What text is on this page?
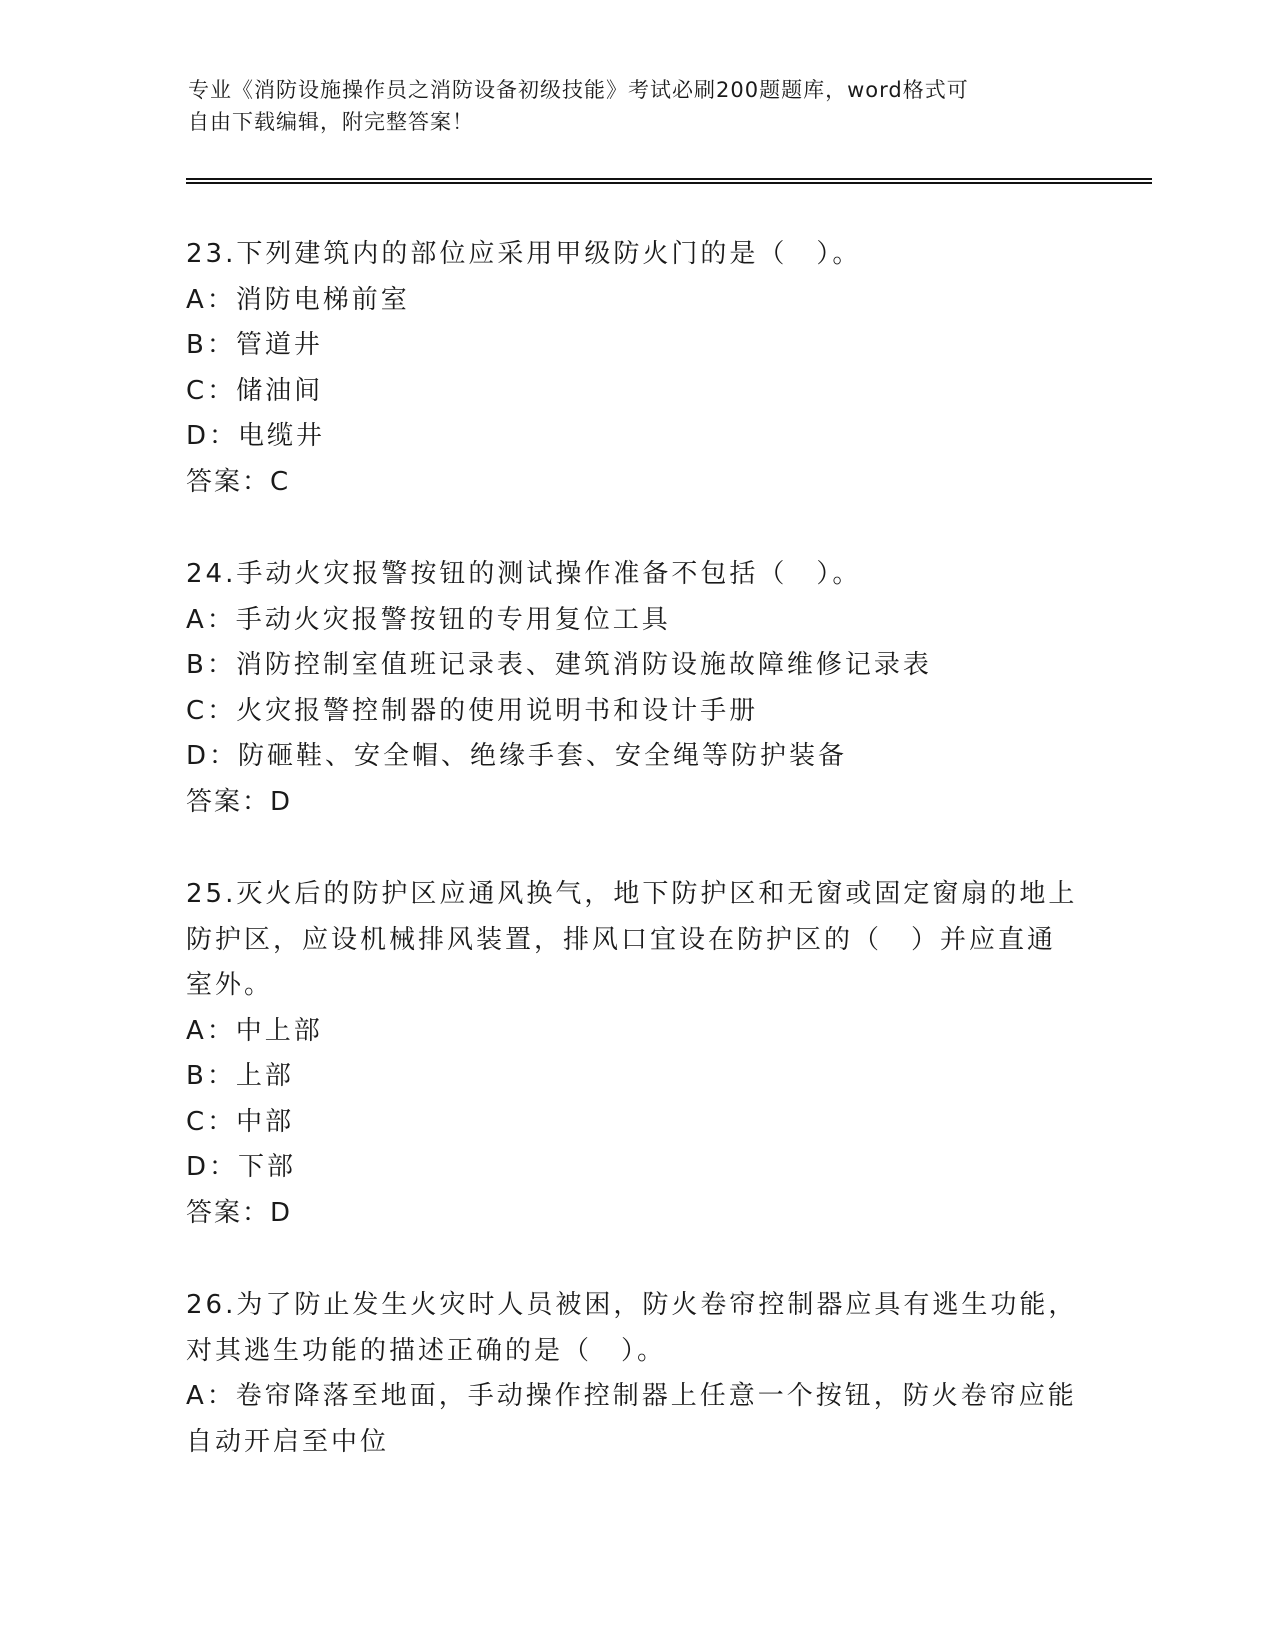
专业《消防设施操作员之消防设备初级技能》考试必刷200题题库，word格式可
自由下载编辑，附完整答案！
23.下列建筑内的部位应采用甲级防火门的是（　）。
A：消防电梯前室
B：管道井
C：储油间
D：电缆井
答案： C
24.手动火灾报警按钮的测试操作准备不包括（　）。
A：手动火灾报警按钮的专用复位工具
B：消防控制室值班记录表、建筑消防设施故障维修记录表
C：火灾报警控制器的使用说明书和设计手册
D：防砸鞋、安全帽、绝缘手套、安全绳等防护装备
答案： D
25.灭火后的防护区应通风换气，地下防护区和无窗或固定窗扇的地上
防护区，应设机械排风装置，排风口宜设在防护区的（　）并应直通
室外。
A：中上部
B：上部
C：中部
D：下部
答案： D
26.为了防止发生火灾时人员被困，防火卷帘控制器应具有逃生功能，
对其逃生功能的描述正确的是（　）。
A：卷帘降落至地面，手动操作控制器上任意一个按钮，防火卷帘应能
自动开启至中位
